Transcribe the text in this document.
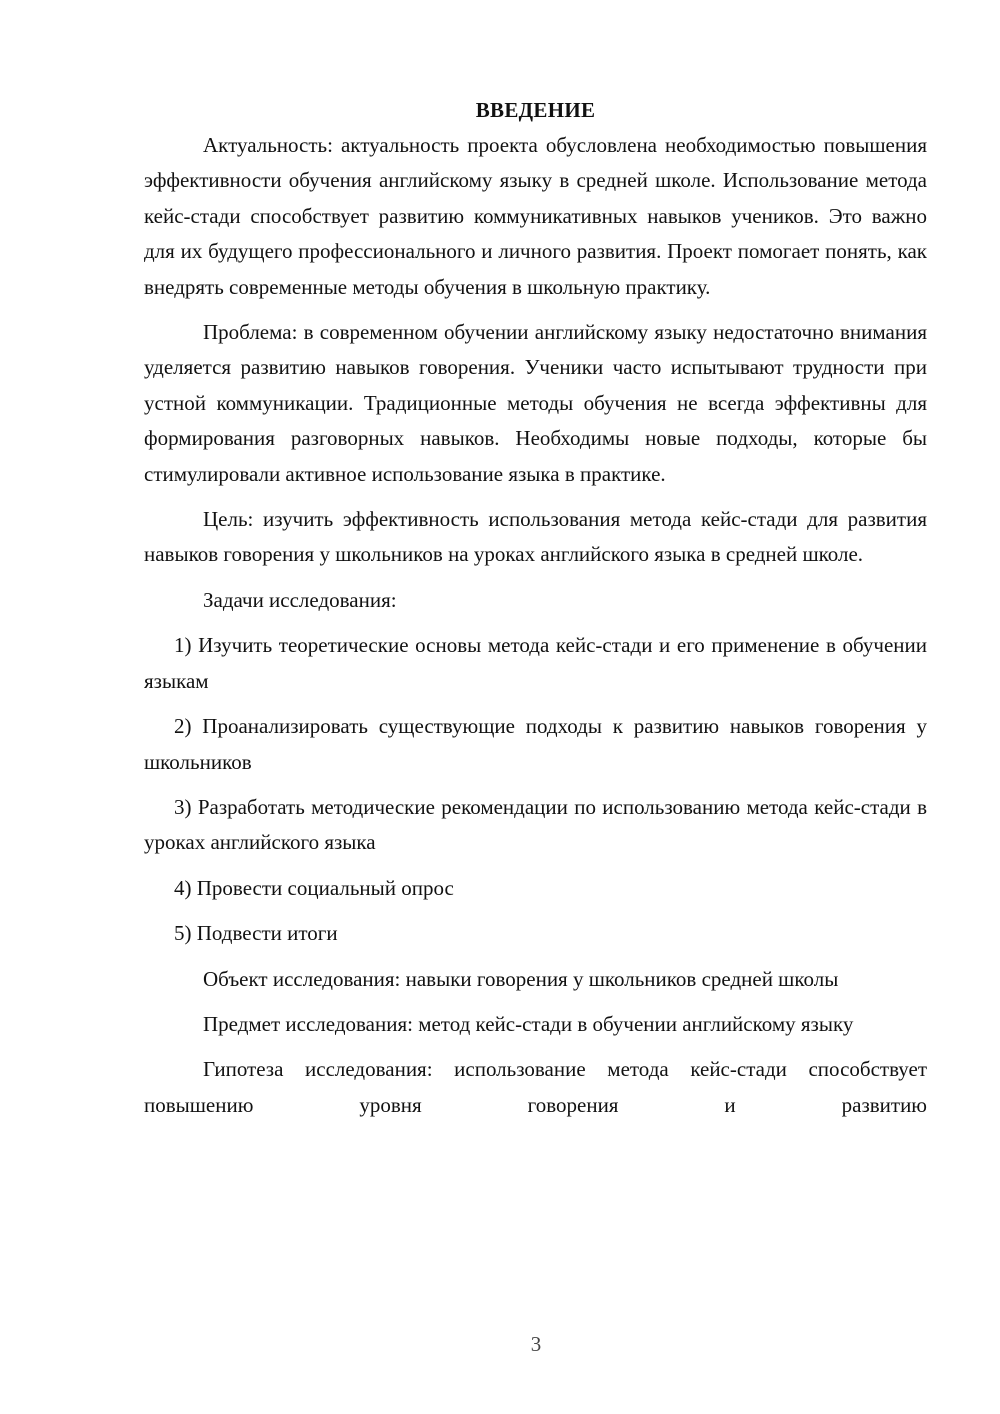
ВВЕДЕНИЕ

Актуальность: актуальность проекта обусловлена необходимостью повышения эффективности обучения английскому языку в средней школе. Использование метода кейс-стади способствует развитию коммуникативных навыков учеников. Это важно для их будущего профессионального и личного развития. Проект помогает понять, как внедрять современные методы обучения в школьную практику.

Проблема: в современном обучении английскому языку недостаточно внимания уделяется развитию навыков говорения. Ученики часто испытывают трудности при устной коммуникации. Традиционные методы обучения не всегда эффективны для формирования разговорных навыков. Необходимы новые подходы, которые бы стимулировали активное использование языка в практике.

Цель: изучить эффективность использования метода кейс-стади для развития навыков говорения у школьников на уроках английского языка в средней школе.

Задачи исследования:

1) Изучить теоретические основы метода кейс-стади и его применение в обучении языкам

2) Проанализировать существующие подходы к развитию навыков говорения у школьников

3) Разработать методические рекомендации по использованию метода кейс-стади в уроках английского языка

4) Провести социальный опрос

5) Подвести итоги

Объект исследования: навыки говорения у школьников средней школы

Предмет исследования: метод кейс-стади в обучении английскому языку

Гипотеза исследования: использование метода кейс-стади способствует повышению уровня говорения и развитию

3
